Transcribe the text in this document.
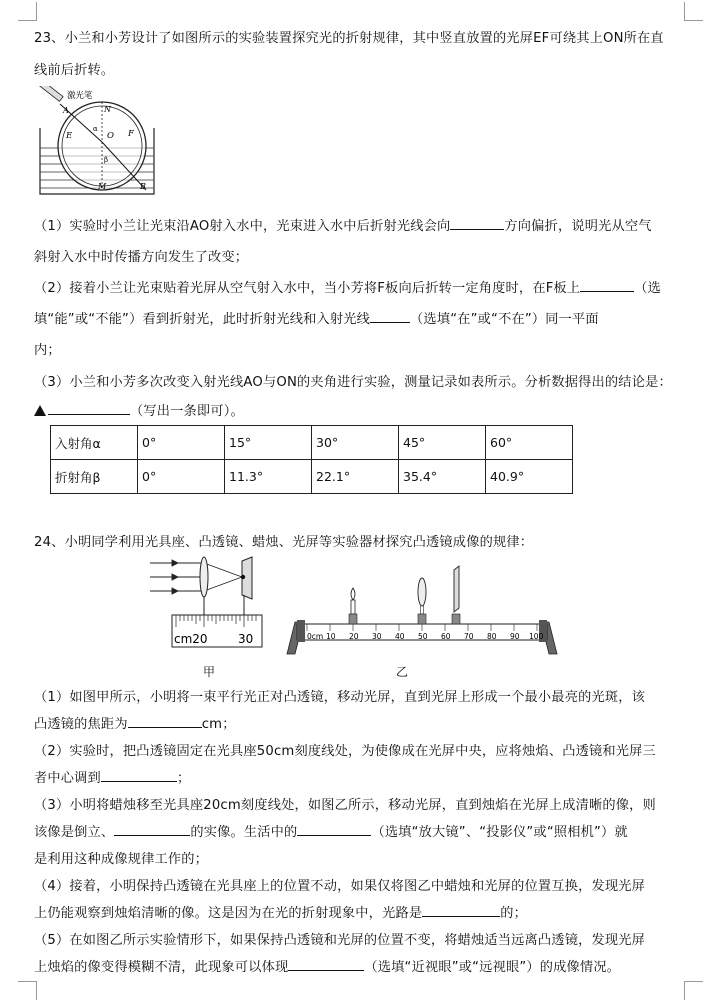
23、小兰和小芳设计了如图所示的实验装置探究光的折射规律，其中竖直放置的光屏EF可绕其上ON所在直
线前后折转。
激光笔
A	N
E	F
O
α
β
M	B
（1）实验时小兰让光束沿AO射入水中，光束进入水中后折射光线会向	方向偏折，说明光从空气
斜射入水中时传播方向发生了改变；
（2）接着小兰让光束贴着光屏从空气射入水中，当小芳将F板向后折转一定角度时，在F板上	（选
填“能”或“不能”）看到折射光，此时折射光线和入射光线	（选填“在”或“不在”）同一平面
内；
（3）小兰和小芳多次改变入射光线AO与ON的夹角进行实验，测量记录如表所示。分析数据得出的结论是：
（写出一条即可）。
入射角α	0°	15°	30°	45°	60°
折射角β	0°	11.3°	22.1°	35.4°	40.9°
24、小明同学利用光具座、凸透镜、蜡烛、光屏等实验器材探究凸透镜成像的规律：
cm20	30
甲
0cm 10 20 30 40 50 60 70 80 90 100
乙
（1）如图甲所示，小明将一束平行光正对凸透镜，移动光屏，直到光屏上形成一个最小最亮的光斑，该
凸透镜的焦距为	cm；
（2）实验时，把凸透镜固定在光具座50cm刻度线处，为使像成在光屏中央，应将烛焰、凸透镜和光屏三
者中心调到	；
（3）小明将蜡烛移至光具座20cm刻度线处，如图乙所示，移动光屏，直到烛焰在光屏上成清晰的像，则
该像是倒立、	的实像。生活中的	（选填“放大镜”、“投影仪”或“照相机”）就
是利用这种成像规律工作的；
（4）接着，小明保持凸透镜在光具座上的位置不动，如果仅将图乙中蜡烛和光屏的位置互换，发现光屏
上仍能观察到烛焰清晰的像。这是因为在光的折射现象中，光路是	的；
（5）在如图乙所示实验情形下，如果保持凸透镜和光屏的位置不变，将蜡烛适当远离凸透镜，发现光屏
上烛焰的像变得模糊不清，此现象可以体现	（选填“近视眼”或“远视眼”）的成像情况。
